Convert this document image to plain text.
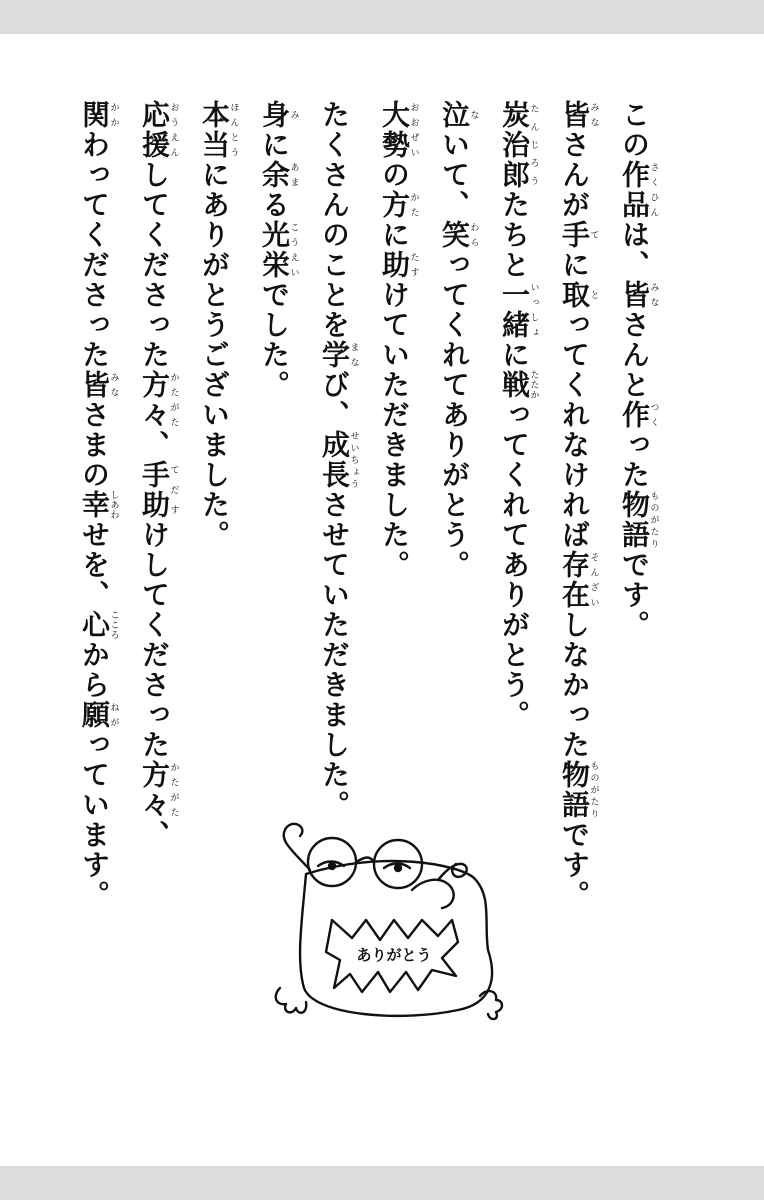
この作品さくひんは、皆みなさんと作つくった物語ものがたりです。

皆みなさんが手てに取とってくれなければ存在そんざいしなかった物語ものがたりです。

炭治郎たんじろうたちと一緒いっしょに戦たたかってくれてありがとう。

泣ないて、笑わらってくれてありがとう。

大勢おおぜいの方かたに助たすけていただきました。

たくさんのことを学まなび、成長せいちょうさせていただきました。

身みに余あまる光栄こうえいでした。

本当ほんとうにありがとうございました。

応援おうえんしてくださった方々かたがた、手助てだすけしてくださった方々かたがた、

関かかわってくださった皆みなさまの幸しあわせを、心こころから願ねがっています。

ありがとう
